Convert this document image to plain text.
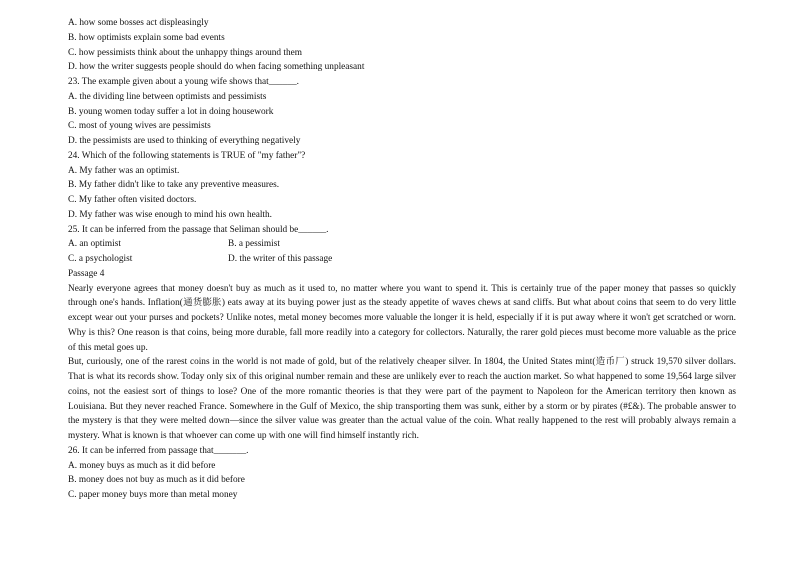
A. how some bosses act displeasingly
B. how optimists explain some bad events
C. how pessimists think about the unhappy things around them
D. how the writer suggests people should do when facing something unpleasant
23. The example given about a young wife shows that______.
A. the dividing line between optimists and pessimists
B. young women today suffer a lot in doing housework
C. most of young wives are pessimists
D. the pessimists are used to thinking of everything negatively
24. Which of the following statements is TRUE of "my father"?
A. My father was an optimist.
B. My father didn't like to take any preventive measures.
C. My father often visited doctors.
D. My father was wise enough to mind his own health.
25. It can be inferred from the passage that Seliman should be______.
A. an optimist	B. a pessimist
C. a psychologist	D. the writer of this passage
Passage 4

Nearly everyone agrees that money doesn't buy as much as it used to, no matter where you want to spend it. This is certainly true of the paper money that passes so quickly through one's hands. Inflation(通货膨胀) eats away at its buying power just as the steady appetite of waves chews at sand cliffs. But what about coins that seem to do very little except wear out your purses and pockets? Unlike notes, metal money becomes more valuable the longer it is held, especially if it is put away where it won't get scratched or worn. Why is this? One reason is that coins, being more durable, fall more readily into a category for collectors. Naturally, the rarer gold pieces must become more valuable as the price of this metal goes up.

But, curiously, one of the rarest coins in the world is not made of gold, but of the relatively cheaper silver. In 1804, the United States mint(造币厂) struck 19,570 silver dollars. That is what its records show. Today only six of this original number remain and these are unlikely ever to reach the auction market. So what happened to some 19,564 large silver coins, not the easiest sort of things to lose? One of the more romantic theories is that they were part of the payment to Napoleon for the American territory then known as Louisiana. But they never reached France. Somewhere in the Gulf of Mexico, the ship transporting them was sunk, either by a storm or by pirates (#£&). The probable answer to the mystery is that they were melted down—since the silver value was greater than the actual value of the coin. What really happened to the rest will probably always remain a mystery. What is known is that whoever can come up with one will find himself instantly rich.

26. It can be inferred from passage that_______.
A. money buys as much as it did before
B. money does not buy as much as it did before
C. paper money buys more than metal money
